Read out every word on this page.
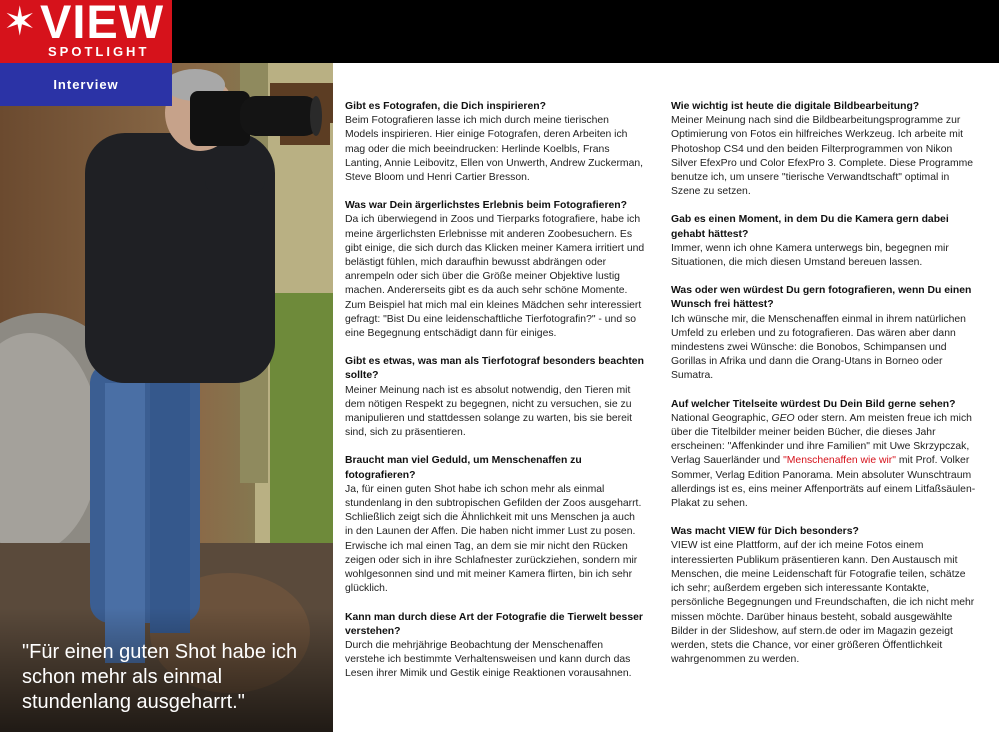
✶ VIEW
SPOTLIGHT
Interview
"Für einen guten Shot habe ich schon mehr als einmal stundenlang ausgeharrt."
Gibt es Fotografen, die Dich inspirieren?

Beim Fotografieren lasse ich mich durch meine tierischen Models inspirieren. Hier einige Fotografen, deren Arbeiten ich mag oder die mich beeindrucken: Herlinde Koelbls, Frans Lanting, Annie Leibovitz, Ellen von Unwerth, Andrew Zuckerman, Steve Bloom und Henri Cartier Bresson.

Was war Dein ärgerlichstes Erlebnis beim Fotografieren?

Da ich überwiegend in Zoos und Tierparks fotografiere, habe ich meine ärgerlichsten Erlebnisse mit anderen Zoobesuchern. Es gibt einige, die sich durch das Klicken meiner Kamera irritiert und belästigt fühlen, mich daraufhin bewusst abdrängen oder anrempeln oder sich über die Größe meiner Objektive lustig machen. Andererseits gibt es da auch sehr schöne Momente. Zum Beispiel hat mich mal ein kleines Mädchen sehr interessiert gefragt: "Bist Du eine leidenschaftliche Tierfotografin?" - und so eine Begegnung entschädigt dann für einiges.

Gibt es etwas, was man als Tierfotograf besonders beachten sollte?

Meiner Meinung nach ist es absolut notwendig, den Tieren mit dem nötigen Respekt zu begegnen, nicht zu versuchen, sie zu manipulieren und stattdessen solange zu warten, bis sie bereit sind, sich zu präsentieren.

Braucht man viel Geduld, um Menschenaffen zu fotografieren?

Ja, für einen guten Shot habe ich schon mehr als einmal stundenlang in den subtropischen Gefilden der Zoos ausgeharrt. Schließlich zeigt sich die Ähnlichkeit mit uns Menschen ja auch in den Launen der Affen. Die haben nicht immer Lust zu posen. Erwische ich mal einen Tag, an dem sie mir nicht den Rücken zeigen oder sich in ihre Schlafnester zurückziehen, sondern mir wohlgesonnen sind und mit meiner Kamera flirten, bin ich sehr glücklich.

Kann man durch diese Art der Fotografie die Tierwelt besser verstehen?

Durch die mehrjährige Beobachtung der Menschenaffen verstehe ich bestimmte Verhaltensweisen und kann durch das Lesen ihrer Mimik und Gestik einige Reaktionen vorausahnen.

Wie wichtig ist heute die digitale Bildbearbeitung?

Meiner Meinung nach sind die Bildbearbeitungsprogramme zur Optimierung von Fotos ein hilfreiches Werkzeug. Ich arbeite mit Photoshop CS4 und den beiden Filterprogrammen von Nikon Silver EfexPro und Color EfexPro 3. Complete. Diese Programme benutze ich, um unsere "tierische Verwandtschaft" optimal in Szene zu setzen.

Gab es einen Moment, in dem Du die Kamera gern dabei gehabt hättest?

Immer, wenn ich ohne Kamera unterwegs bin, begegnen mir Situationen, die mich diesen Umstand bereuen lassen.

Was oder wen würdest Du gern fotografieren, wenn Du einen Wunsch frei hättest?

Ich wünsche mir, die Menschenaffen einmal in ihrem natürlichen Umfeld zu erleben und zu fotografieren. Das wären aber dann mindestens zwei Wünsche: die Bonobos, Schimpansen und Gorillas in Afrika und dann die Orang-Utans in Borneo oder Sumatra.

Auf welcher Titelseite würdest Du Dein Bild gerne sehen?

National Geographic, GEO oder stern. Am meisten freue ich mich über die Titelbilder meiner beiden Bücher, die dieses Jahr erscheinen: "Affenkinder und ihre Familien" mit Uwe Skrzypczak, Verlag Sauerländer und "Menschenaffen wie wir" mit Prof. Volker Sommer, Verlag Edition Panorama. Mein absoluter Wunschtraum allerdings ist es, eins meiner Affenporträts auf einem Litfaßsäulen-Plakat zu sehen.

Was macht VIEW für Dich besonders?

VIEW ist eine Plattform, auf der ich meine Fotos einem interessierten Publikum präsentieren kann. Den Austausch mit Menschen, die meine Leidenschaft für Fotografie teilen, schätze ich sehr; außerdem ergeben sich interessante Kontakte, persönliche Begegnungen und Freundschaften, die ich nicht mehr missen möchte. Darüber hinaus besteht, sobald ausgewählte Bilder in der Slideshow, auf stern.de oder im Magazin gezeigt werden, stets die Chance, vor einer größeren Öffentlichkeit wahrgenommen zu werden.
